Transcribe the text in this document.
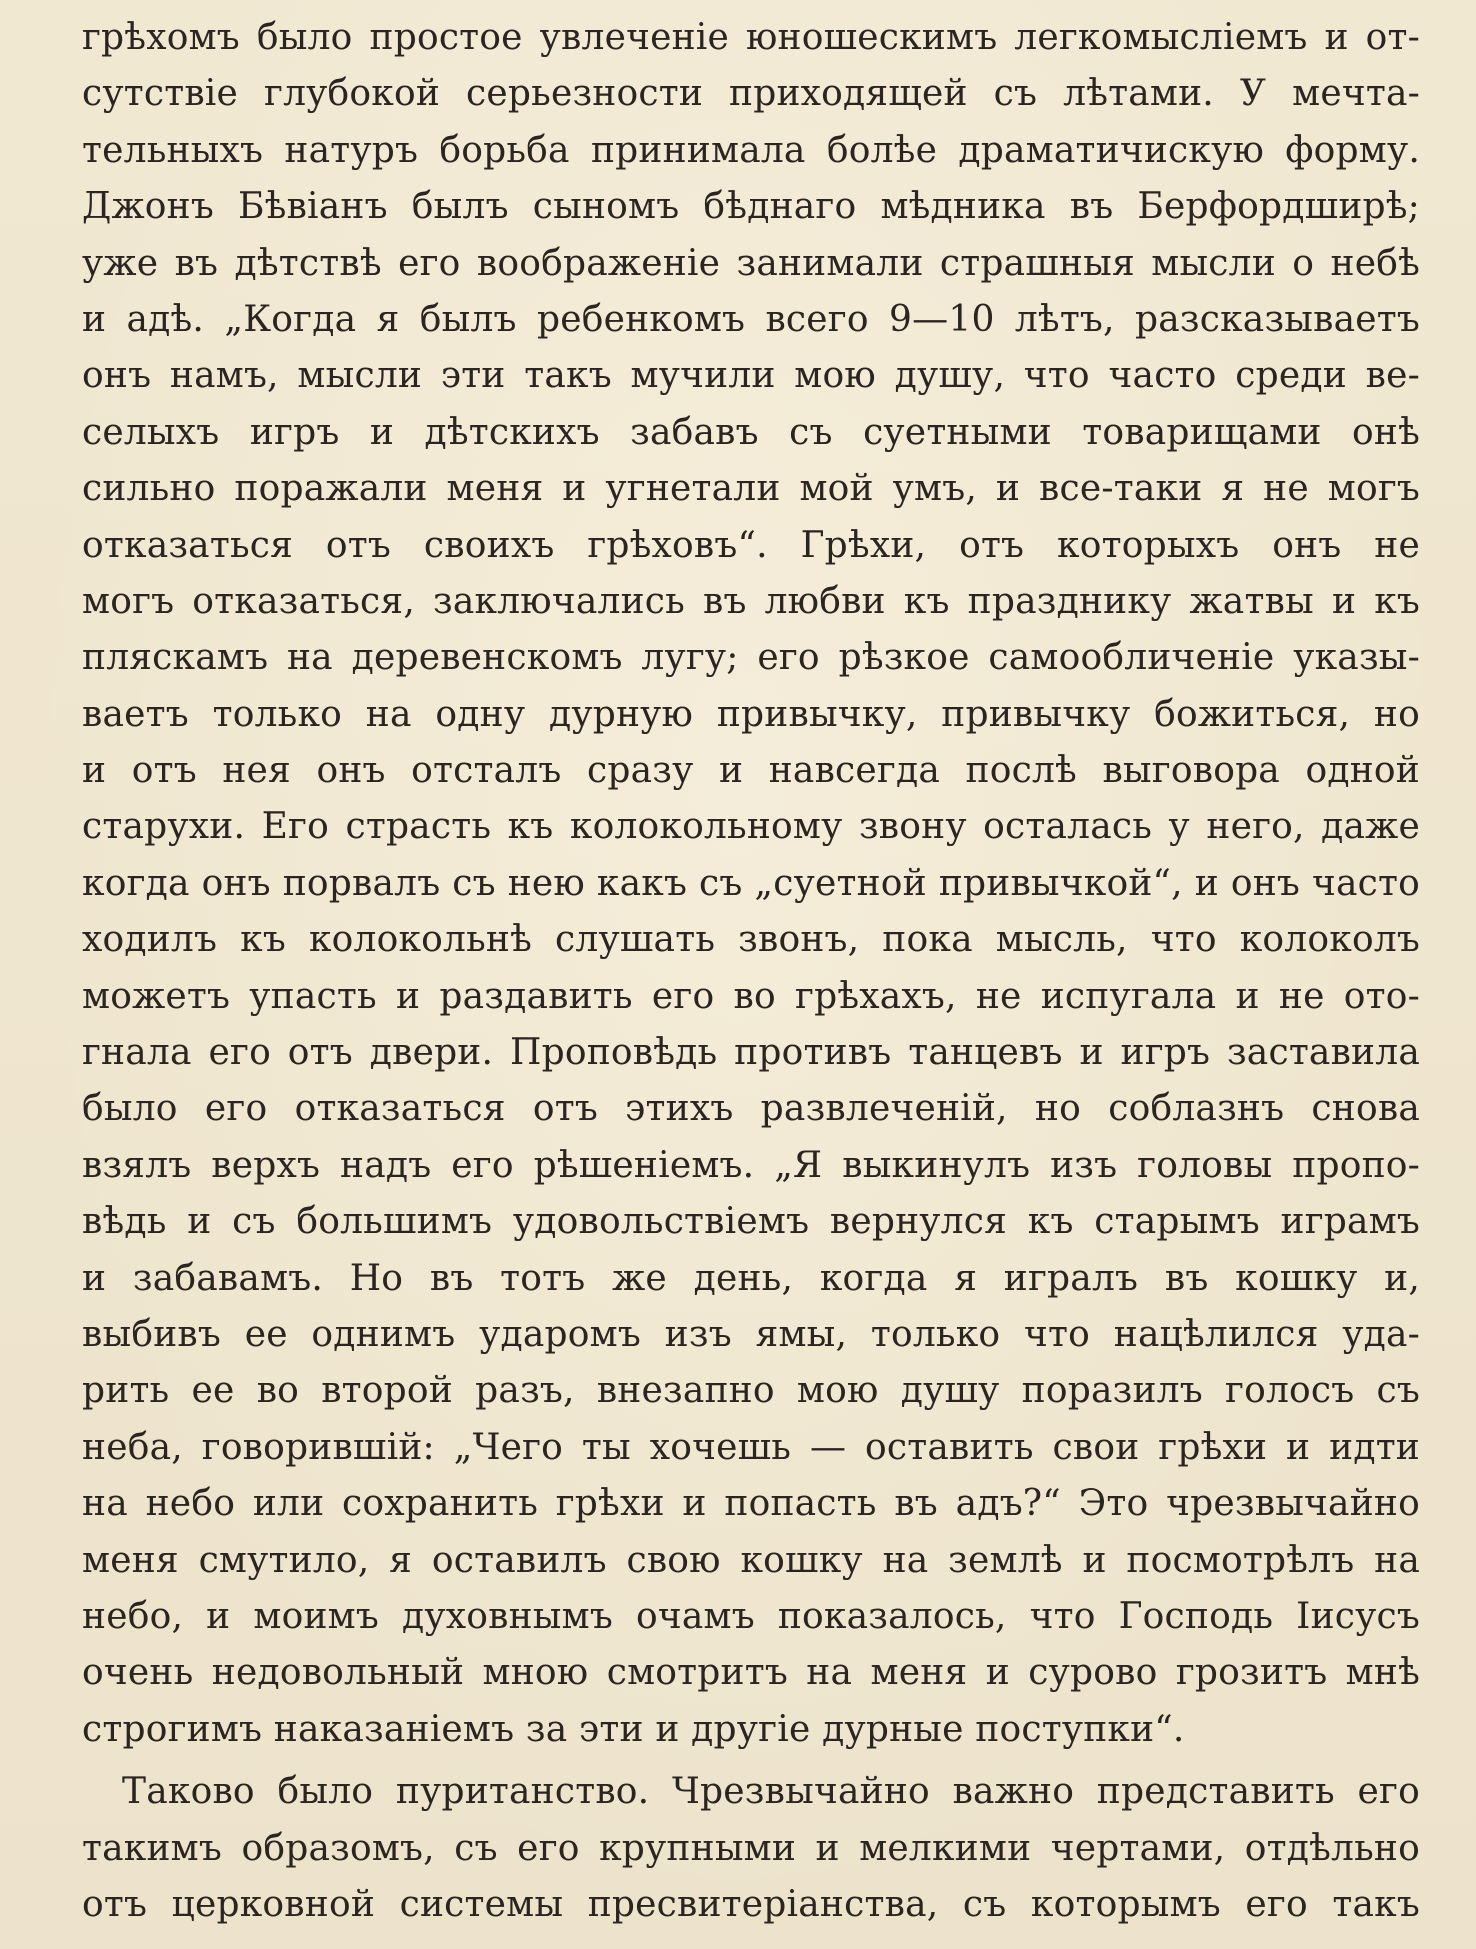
грѣхомъ было простое увлеченіе юношескимъ легкомысліемъ и от-
сутствіе глубокой серьезности приходящей съ лѣтами. У мечта-
тельныхъ натуръ борьба принимала болѣе драматичискую форму.
Джонъ Бѣвіанъ былъ сыномъ бѣднаго мѣдника въ Берфордширѣ;
уже въ дѣтствѣ его воображеніе занимали страшныя мысли о небѣ
и адѣ. „Когда я былъ ребенкомъ всего 9—10 лѣтъ, разсказываетъ
онъ намъ, мысли эти такъ мучили мою душу, что часто среди ве-
селыхъ игръ и дѣтскихъ забавъ съ суетными товарищами онѣ
сильно поражали меня и угнетали мой умъ, и все-таки я не могъ
отказаться отъ своихъ грѣховъ“. Грѣхи, отъ которыхъ онъ не
могъ отказаться, заключались въ любви къ празднику жатвы и къ
пляскамъ на деревенскомъ лугу; его рѣзкое самообличеніе указы-
ваетъ только на одну дурную привычку, привычку божиться, но
и отъ нея онъ отсталъ сразу и навсегда послѣ выговора одной
старухи. Его страсть къ колокольному звону осталась у него, даже
когда онъ порвалъ съ нею какъ съ „суетной привычкой“, и онъ часто
ходилъ къ колокольнѣ слушать звонъ, пока мысль, что колоколъ
можетъ упасть и раздавить его во грѣхахъ, не испугала и не ото-
гнала его отъ двери. Проповѣдь противъ танцевъ и игръ заставила
было его отказаться отъ этихъ развлеченій, но соблазнъ снова
взялъ верхъ надъ его рѣшеніемъ. „Я выкинулъ изъ головы пропо-
вѣдь и съ большимъ удовольствіемъ вернулся къ старымъ играмъ
и забавамъ. Но въ тотъ же день, когда я игралъ въ кошку и,
выбивъ ее однимъ ударомъ изъ ямы, только что нацѣлился уда-
рить ее во второй разъ, внезапно мою душу поразилъ голосъ съ
неба, говорившій: „Чего ты хочешь — оставить свои грѣхи и идти
на небо или сохранить грѣхи и попасть въ адъ?“ Это чрезвычайно
меня смутило, я оставилъ свою кошку на землѣ и посмотрѣлъ на
небо, и моимъ духовнымъ очамъ показалось, что Господь Іисусъ
очень недовольный мною смотритъ на меня и сурово грозитъ мнѣ
строгимъ наказаніемъ за эти и другіе дурные поступки“.
Таково было пуританство. Чрезвычайно важно представить его
такимъ образомъ, съ его крупными и мелкими чертами, отдѣльно
отъ церковной системы пресвитеріанства, съ которымъ его такъ
